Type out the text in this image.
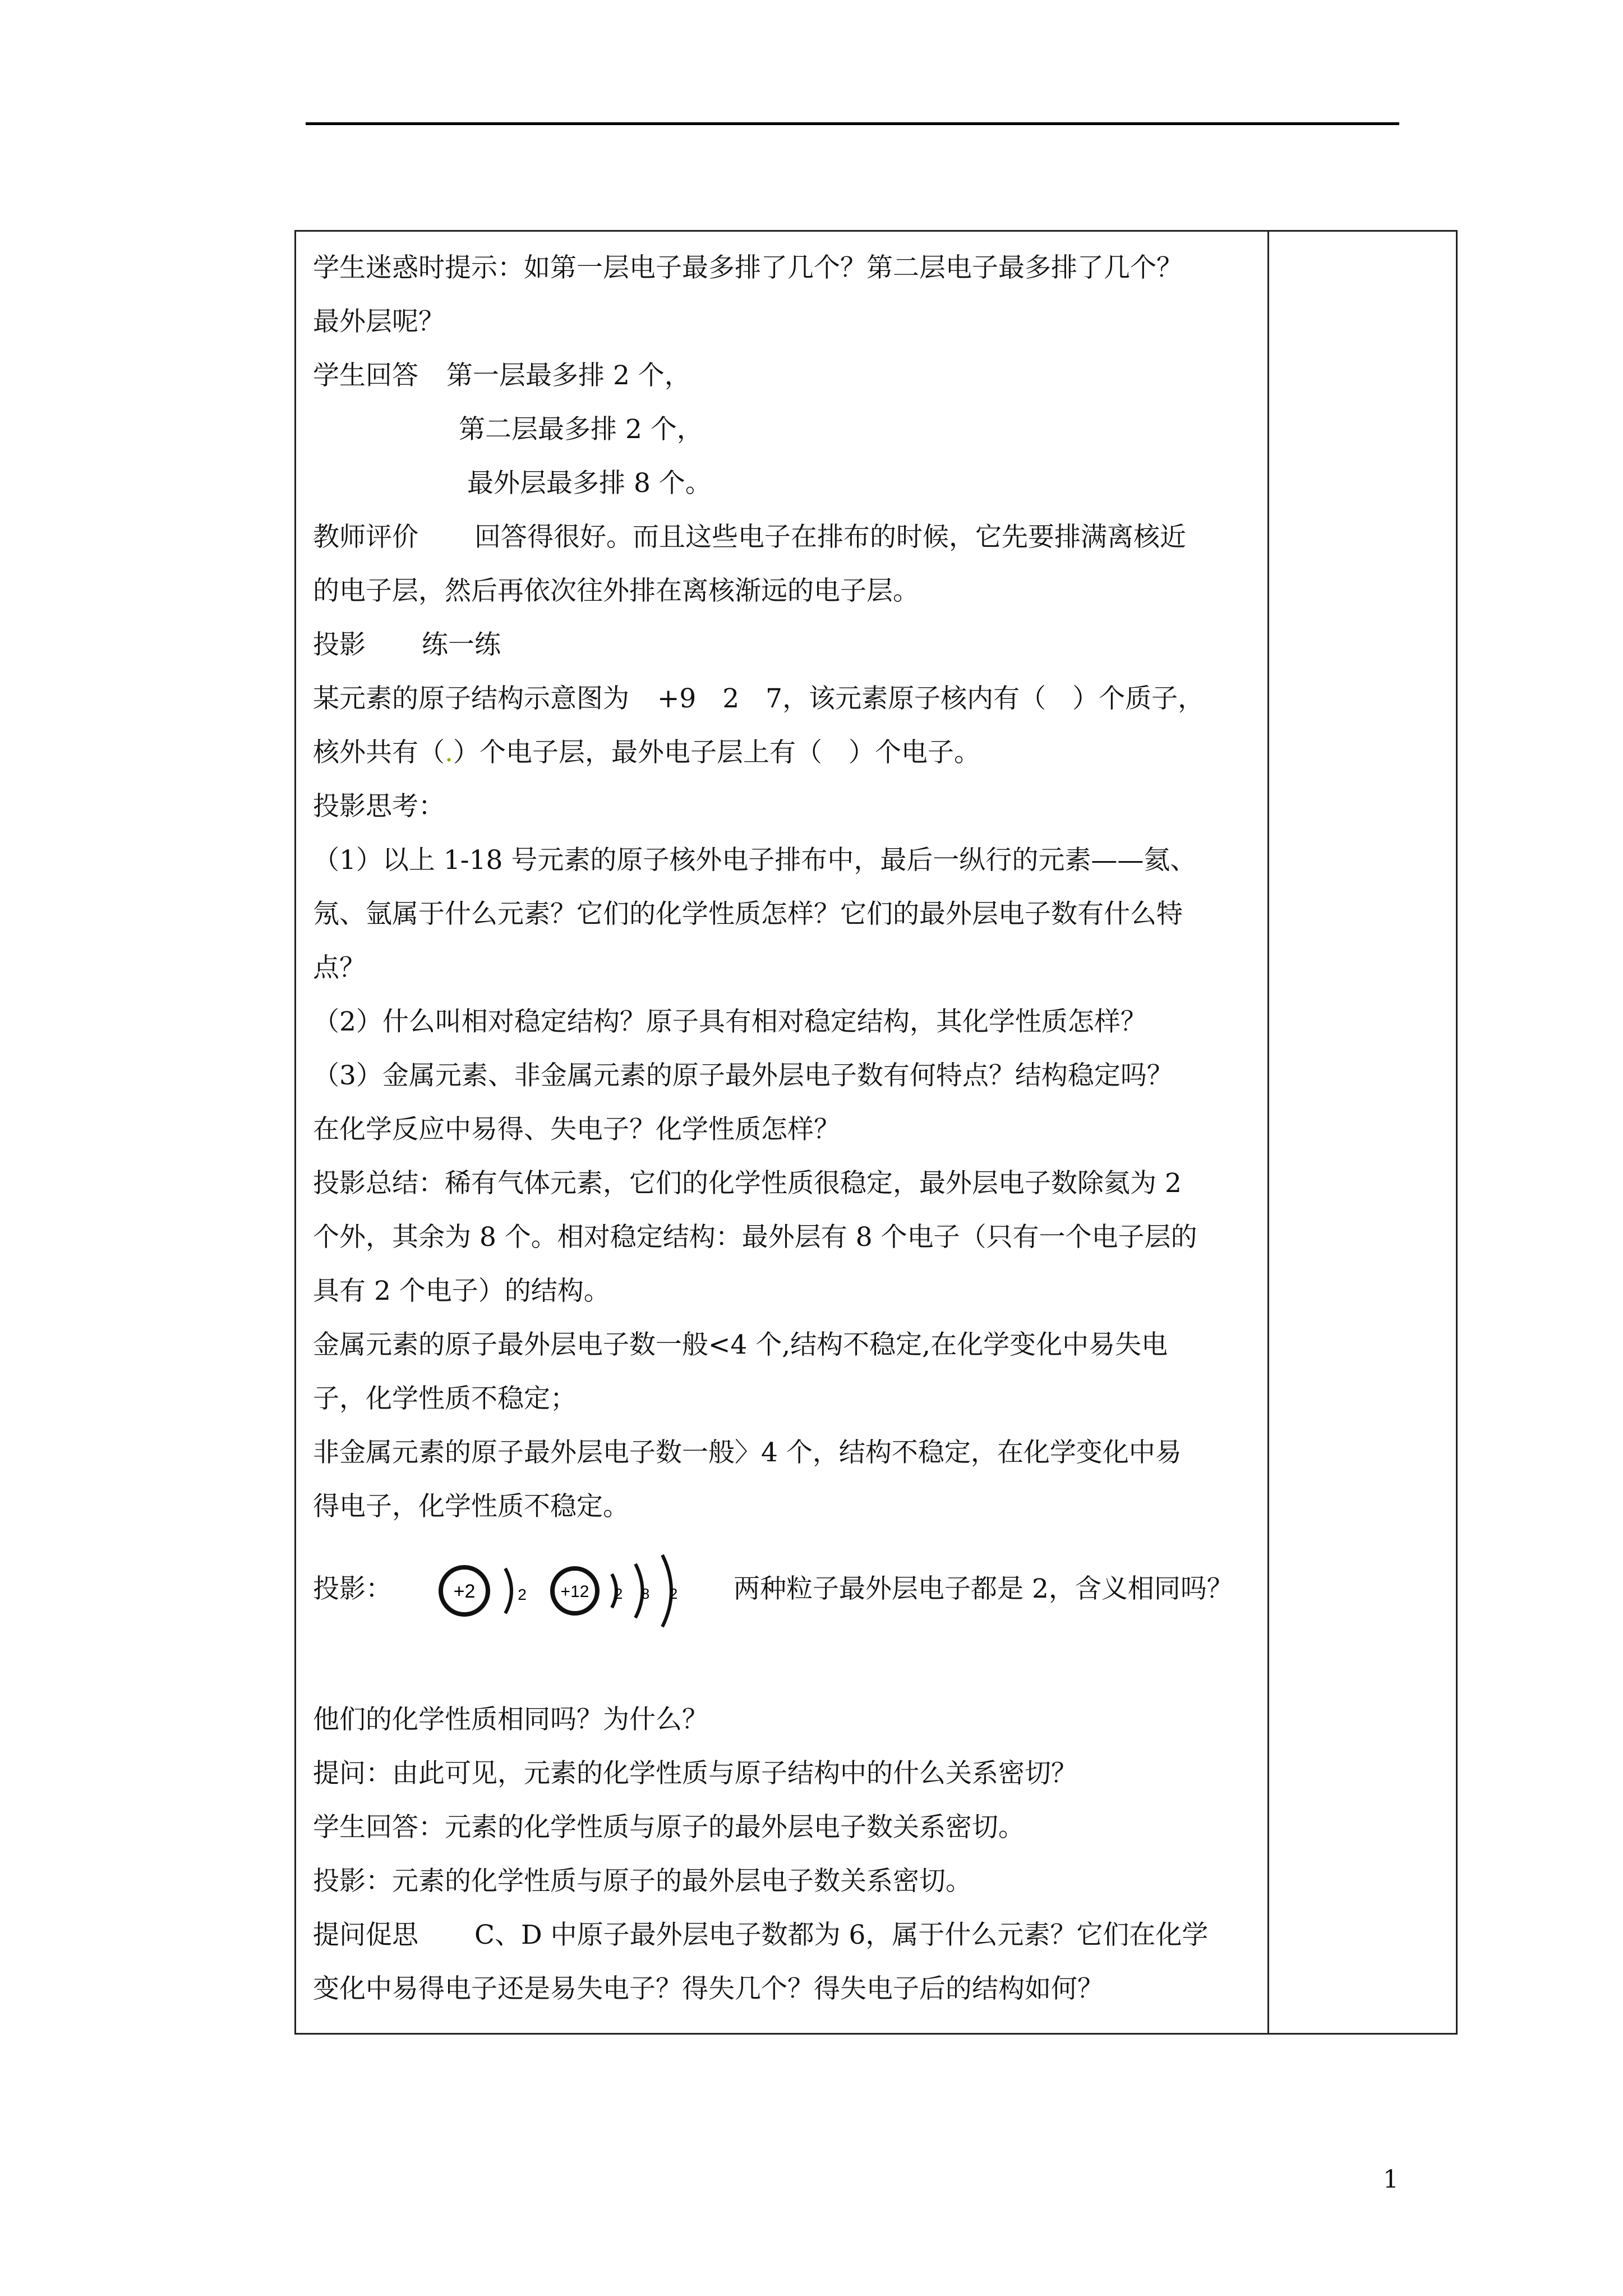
学生迷惑时提示：如第一层电子最多排了几个？第二层电子最多排了几个？
最外层呢？
学生回答 第一层最多排 2 个，
第二层最多排 2 个，
最外层最多排 8 个。
教师评价 回答得很好。而且这些电子在排布的时候，它先要排满离核近
的电子层，然后再依次往外排在离核渐远的电子层。
投影 练一练
某元素的原子结构示意图为 +9　2　7，该元素原子核内有（　）个质子，
核外共有（.）个电子层，最外电子层上有（　）个电子。
投影思考：
（1）以上 1-18 号元素的原子核外电子排布中，最后一纵行的元素——氦、
氖、氩属于什么元素？它们的化学性质怎样？它们的最外层电子数有什么特
点？
（2）什么叫相对稳定结构？原子具有相对稳定结构，其化学性质怎样？
（3）金属元素、非金属元素的原子最外层电子数有何特点？结构稳定吗？
在化学反应中易得、失电子？化学性质怎样？
投影总结：稀有气体元素，它们的化学性质很稳定，最外层电子数除氦为 2
个外，其余为 8 个。相对稳定结构：最外层有 8 个电子（只有一个电子层的
具有 2 个电子）的结构。
金属元素的原子最外层电子数一般<4 个,结构不稳定,在化学变化中易失电
子，化学性质不稳定；
非金属元素的原子最外层电子数一般〉4 个，结构不稳定，在化学变化中易
得电子，化学性质不稳定。
投影：	+2	2 +12 2 8 2 两种粒子最外层电子都是 2，含义相同吗？
他们的化学性质相同吗？为什么？
提问：由此可见，元素的化学性质与原子结构中的什么关系密切？
学生回答：元素的化学性质与原子的最外层电子数关系密切。
投影：元素的化学性质与原子的最外层电子数关系密切。
提问促思 C、D 中原子最外层电子数都为 6，属于什么元素？它们在化学
变化中易得电子还是易失电子？得失几个？得失电子后的结构如何？
1
